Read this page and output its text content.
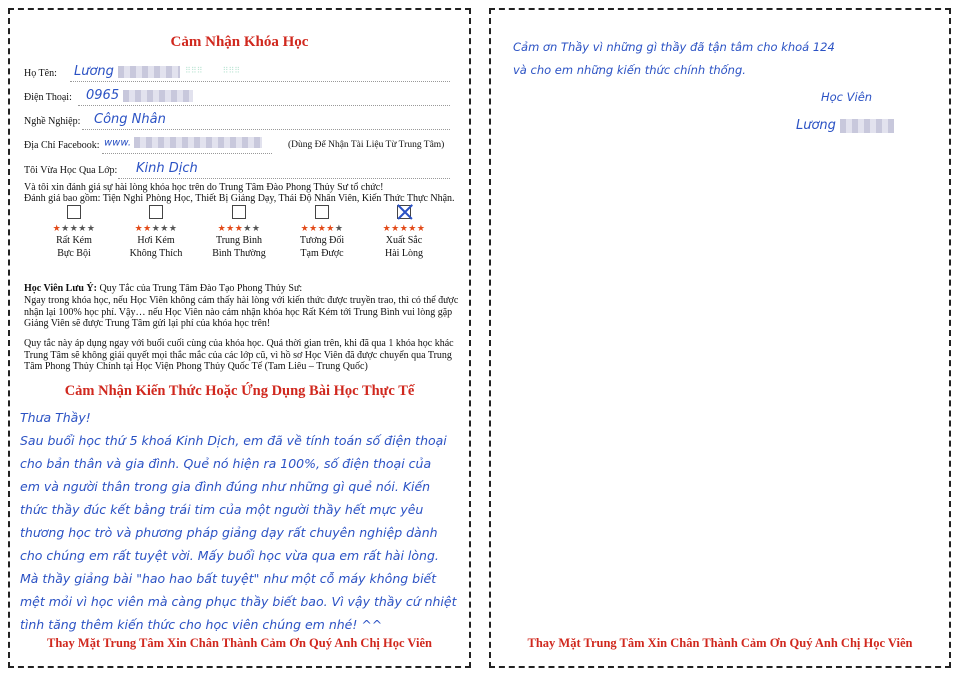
Cảm Nhận Khóa Học
Họ Tên: Lương	⠿⠿⠿          ⠿⠿⠿
Điện Thoại: 0965
Nghề Nghiệp: Công Nhân
Địa Chỉ Facebook: www.	(Dùng Để Nhận Tài Liệu Từ Trung Tâm)
Tôi Vừa Học Qua Lớp: Kinh Dịch
Và tôi xin đánh giá sự hài lòng khóa học trên do Trung Tâm Đào Phong Thủy Sư tổ chức!
Đánh giá bao gồm: Tiện Nghi Phòng Học, Thiết Bị Giảng Dạy, Thái Độ Nhân Viên, Kiến Thức Thực Nhận.
★★★★★
Rất Kém
Bực Bội
★★★★★
Hơi Kém
Không Thích
★★★★★
Trung Bình
Bình Thường
★★★★★
Tương Đối
Tạm Được
★★★★★
Xuất Sắc
Hài Lòng
Học Viên Lưu Ý: Quy Tắc của Trung Tâm Đào Tạo Phong Thủy Sư:
Ngay trong khóa học, nếu Học Viên không cảm thấy hài lòng với kiến thức được truyền trao, thì có thể được
nhận lại 100% học phí. Vậy… nếu Học Viên nào cảm nhận khóa học Rất Kém tới Trung Bình vui lòng gặp
Giảng Viên sẽ được Trung Tâm gửi lại phí của khóa học trên!
Quy tắc này áp dụng ngay với buổi cuối cùng của khóa học. Quá thời gian trên, khi đã qua 1 khóa học khác
Trung Tâm sẽ không giải quyết mọi thắc mắc của các lớp cũ, vì hồ sơ Học Viên đã được chuyển qua Trung
Tâm Phong Thủy Chính tại Học Viện Phong Thủy Quốc Tế (Tam Liêu – Trung Quốc)
Cảm Nhận Kiến Thức Hoặc Ứng Dụng Bài Học Thực Tế
Thưa Thầy!
Sau buổi học thứ 5 khoá Kinh Dịch, em đã về tính toán số điện thoại
cho bản thân và gia đình. Quẻ nó hiện ra 100%, số điện thoại của
em và người thân trong gia đình đúng như những gì quẻ nói. Kiến
thức thầy đúc kết bằng trái tim của một người thầy hết mực yêu
thương học trò và phương pháp giảng dạy rất chuyên nghiệp dành
cho chúng em rất tuyệt vời. Mấy buổi học vừa qua em rất hài lòng.
Mà thầy giảng bài "hao hao bất tuyệt" như một cỗ máy không biết
mệt mỏi vì học viên mà càng phục thầy biết bao. Vì vậy thầy cứ nhiệt
tình tăng thêm kiến thức cho học viên chúng em nhé! ^^
Thay Mặt Trung Tâm Xin Chân Thành Cảm Ơn Quý Anh Chị Học Viên
Cảm ơn Thầy vì những gì thầy đã tận tâm cho khoá 124
và cho em những kiến thức chính thống.
Học Viên
Lương
Thay Mặt Trung Tâm Xin Chân Thành Cảm Ơn Quý Anh Chị Học Viên
